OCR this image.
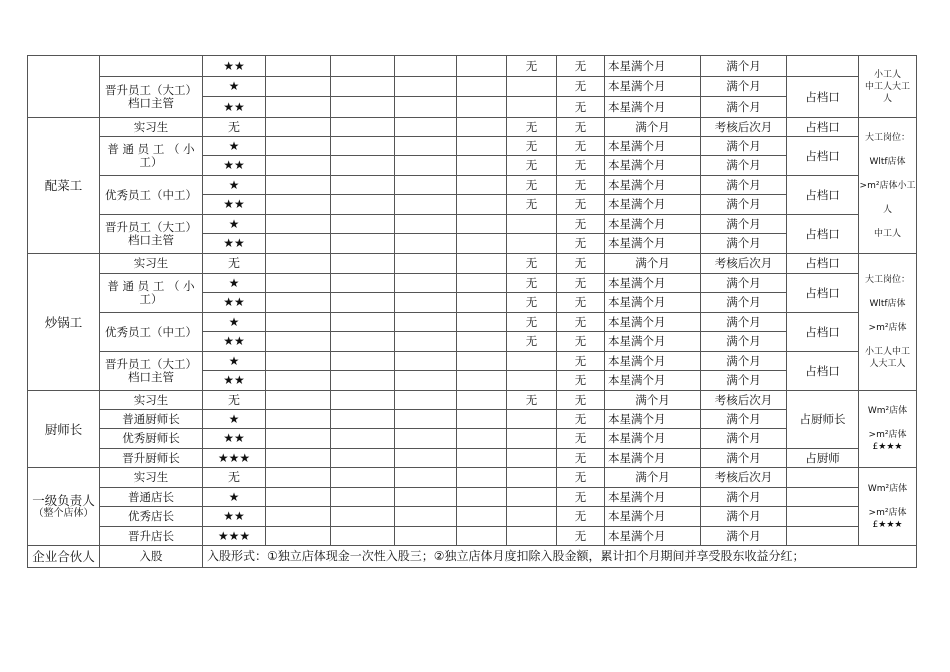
		★★					无	无	本星满个月	满个月		小工人
中工人大工
人

	晋升员工（大工）档口主管	★						无	本星满个月	满个月	占档口	
		★★						无	本星满个月	满个月		
配菜工	实习生	无					无	无	满个月	考核后次月	占档口	大工岗位：
Wltf店体
>m²店体小工
人
中工人

	普 通 员 工 （ 小 工）	★					无	无	本星满个月	满个月	占档口	
		★★					无	无	本星满个月	满个月		
	优秀员工（中工）	★					无	无	本星满个月	满个月	占档口	
		★★					无	无	本星满个月	满个月		
	晋升员工（大工）档口主管	★						无	本星满个月	满个月	占档口	
		★★						无	本星满个月	满个月		
炒锅工	实习生	无					无	无	满个月	考核后次月	占档口	大工岗位：
Wltf店体
>m²店体
小工人中工
人大工人

	普 通 员 工 （ 小 工）	★					无	无	本星满个月	满个月	占档口	
		★★					无	无	本星满个月	满个月		
	优秀员工（中工）	★					无	无	本星满个月	满个月	占档口	
		★★					无	无	本星满个月	满个月		
	晋升员工（大工）档口主管	★						无	本星满个月	满个月	占档口	
		★★						无	本星满个月	满个月		
厨师长	实习生	无					无	无	满个月	考核后次月	占厨师长	Wm²店体
>m²店体
£★★★

	普通厨师长	★						无	本星满个月	满个月		
	优秀厨师长	★★						无	本星满个月	满个月		
	晋升厨师长	★★★						无	本星满个月	满个月	占厨师	

一级负责人
（整个店体）	实习生	无						无	满个月	考核后次月		Wm²店体
>m²店体
£★★★

	普通店长	★						无	本星满个月	满个月		
	优秀店长	★★						无	本星满个月	满个月		
	晋升店长	★★★						无	本星满个月	满个月		
企业合伙人	入股	入股形式：①独立店体现金一次性入股三；②独立店体月度扣除入股金额，累计扣个月期间并享受股东收益分红；										
